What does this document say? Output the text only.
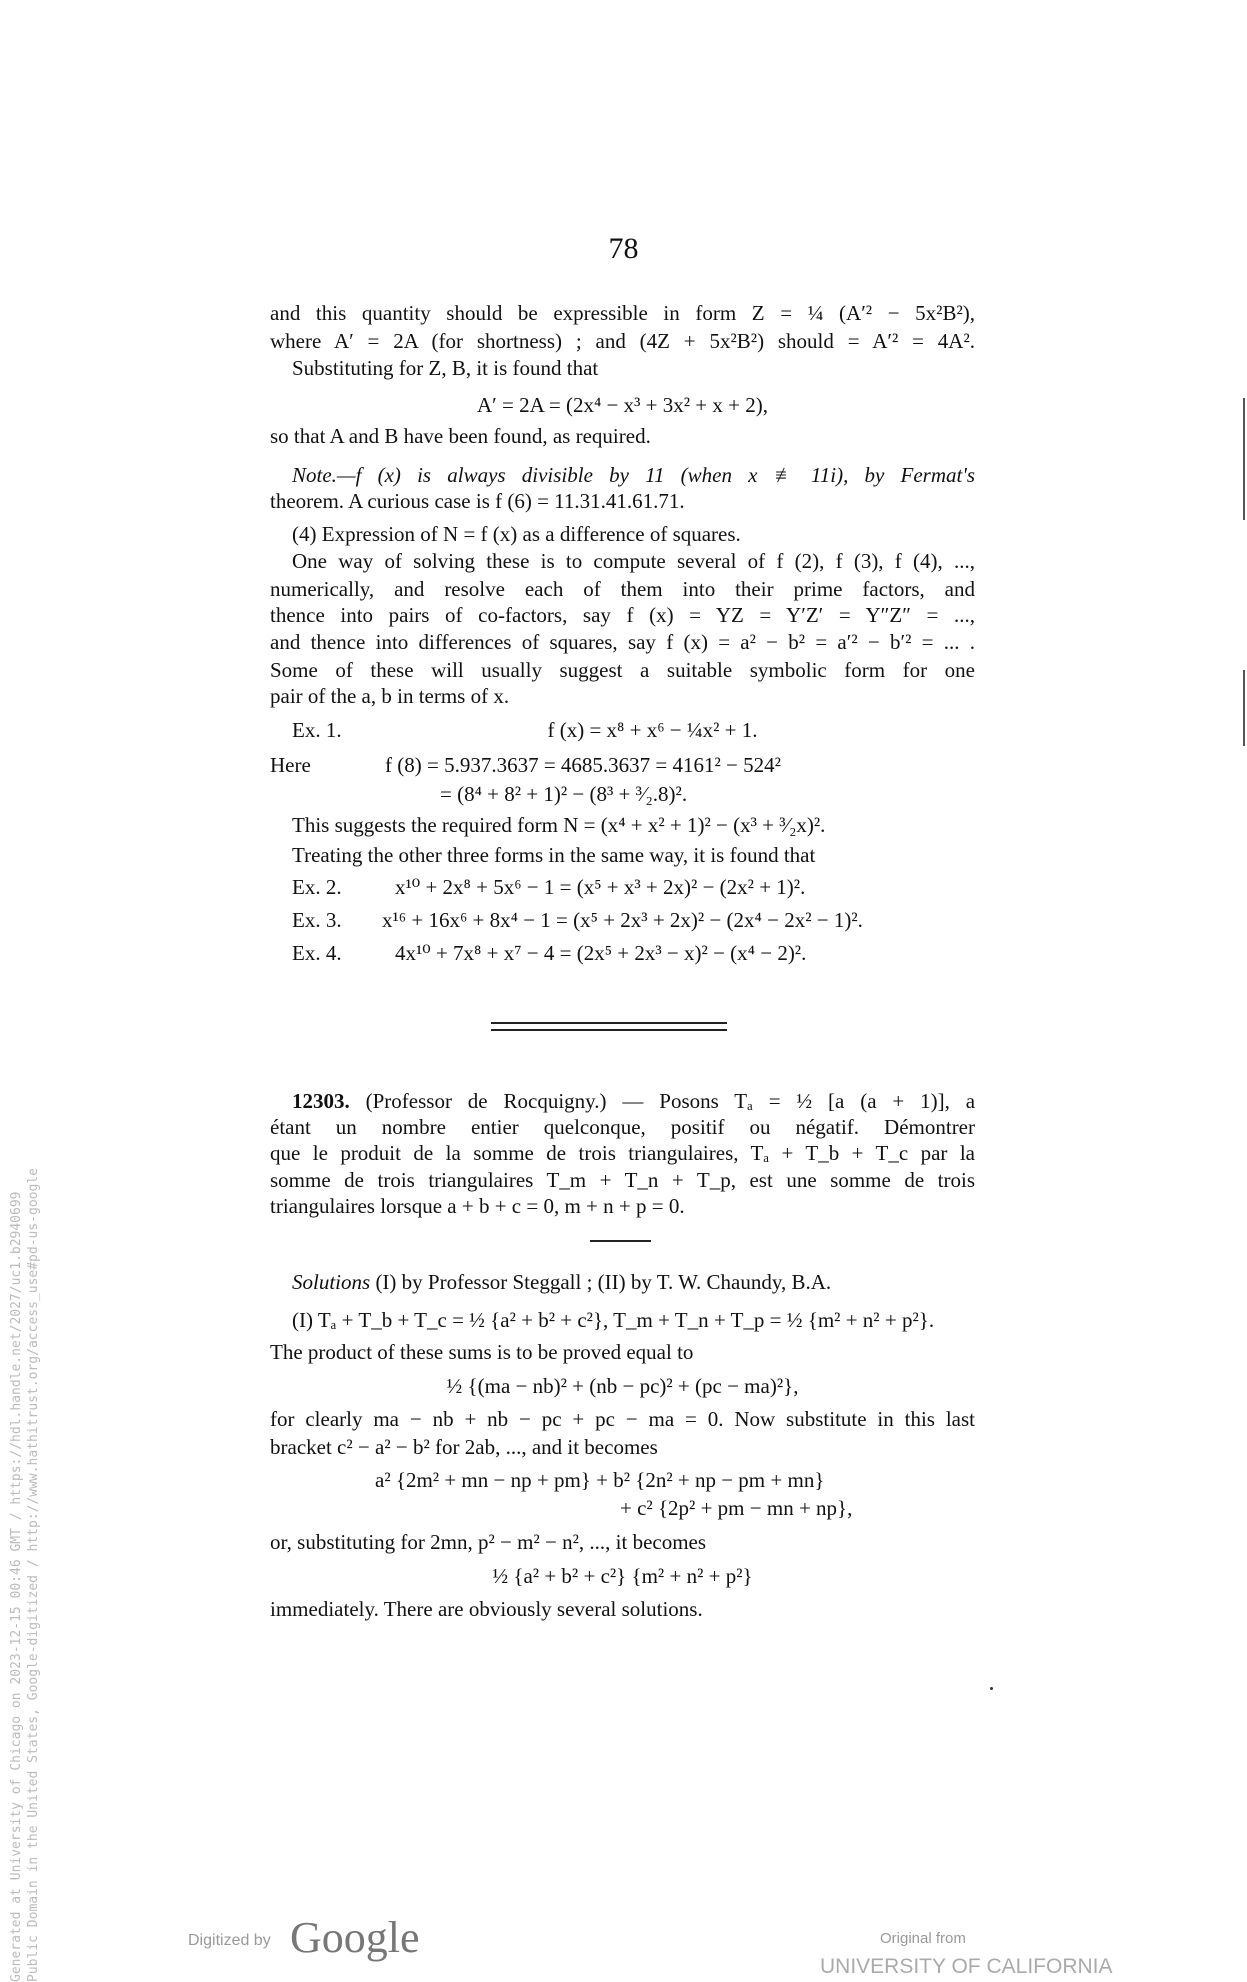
78
and this quantity should be expressible in form Z = ¼ (A′² − 5x²B²),
where A′ = 2A (for shortness) ; and (4Z + 5x²B²) should = A′² = 4A².
Substituting for Z, B, it is found that
A′ = 2A = (2x⁴ − x³ + 3x² + x + 2),
so that A and B have been found, as required.
Note.—f (x) is always divisible by 11 (when x ≢ 11i), by Fermat's
theorem. A curious case is f (6) = 11.31.41.61.71.
(4) Expression of N = f (x) as a difference of squares.
One way of solving these is to compute several of f (2), f (3), f (4), ...,
numerically, and resolve each of them into their prime factors, and
thence into pairs of co-factors, say f (x) = YZ = Y′Z′ = Y″Z″ = ...,
and thence into differences of squares, say f (x) = a² − b² = a′² − b′² = ... .
Some of these will usually suggest a suitable symbolic form for one
pair of the a, b in terms of x.
Ex. 1.	f (x) = x⁸ + x⁶ − ¼x² + 1.
Here	f (8) = 5.937.3637 = 4685.3637 = 4161² − 524²
= (8⁴ + 8² + 1)² − (8³ + ³⁄₂.8)².
This suggests the required form N = (x⁴ + x² + 1)² − (x³ + ³⁄₂x)².
Treating the other three forms in the same way, it is found that
Ex. 2.	x¹⁰ + 2x⁸ + 5x⁶ − 1 = (x⁵ + x³ + 2x)² − (2x² + 1)².
Ex. 3.	x¹⁶ + 16x⁶ + 8x⁴ − 1 = (x⁵ + 2x³ + 2x)² − (2x⁴ − 2x² − 1)².
Ex. 4.	4x¹⁰ + 7x⁸ + x⁷ − 4 = (2x⁵ + 2x³ − x)² − (x⁴ − 2)².
12303. (Professor de Rocquigny.) — Posons Tₐ = ½ [a (a + 1)], a
étant un nombre entier quelconque, positif ou négatif. Démontrer
que le produit de la somme de trois triangulaires, Tₐ + T_b + T_c par la
somme de trois triangulaires T_m + T_n + T_p, est une somme de trois
triangulaires lorsque a + b + c = 0, m + n + p = 0.
Solutions (I) by Professor Steggall ; (II) by T. W. Chaundy, B.A.
(I) Tₐ + T_b + T_c = ½ {a² + b² + c²}, T_m + T_n + T_p = ½ {m² + n² + p²}.
The product of these sums is to be proved equal to
½ {(ma − nb)² + (nb − pc)² + (pc − ma)²},
for clearly ma − nb + nb − pc + pc − ma = 0. Now substitute in this last
bracket c² − a² − b² for 2ab, ..., and it becomes
a² {2m² + mn − np + pm} + b² {2n² + np − pm + mn}
+ c² {2p² + pm − mn + np},
or, substituting for 2mn, p² − m² − n², ..., it becomes
½ {a² + b² + c²} {m² + n² + p²}
immediately. There are obviously several solutions.
Generated at University of Chicago on 2023-12-15 00:46 GMT / https://hdl.handle.net/2027/uc1.b2940699 Public Domain in the United States, Google-digitized / http://www.hathitrust.org/access_use#pd-us-google	Digitized by Google	Original from
UNIVERSITY OF CALIFORNIA
